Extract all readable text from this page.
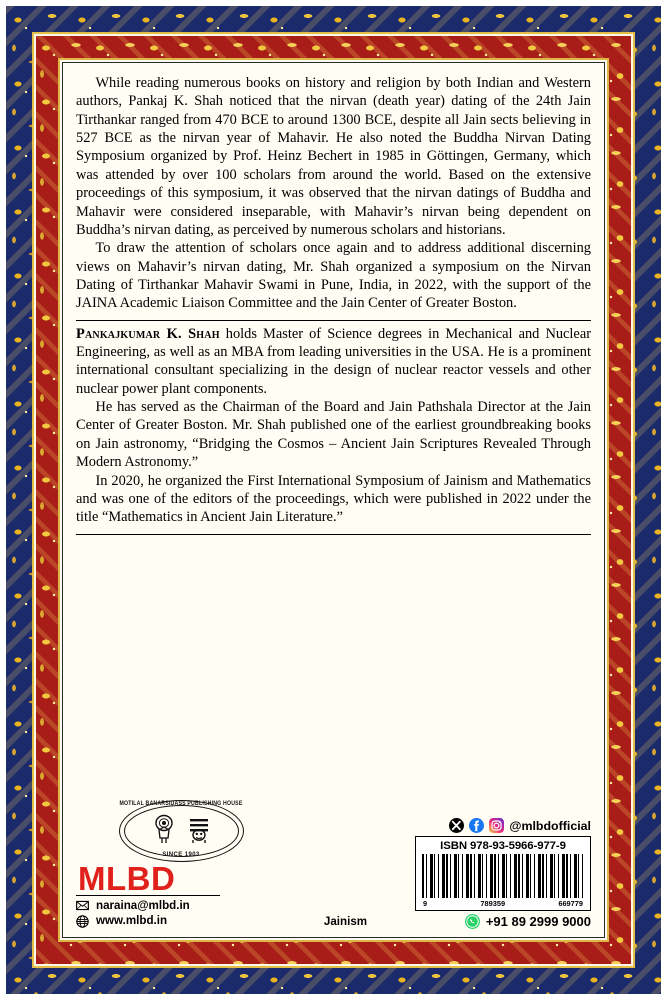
While reading numerous books on history and religion by both Indian and Western authors, Pankaj K. Shah noticed that the nirvan (death year) dating of the 24th Jain Tirthankar ranged from 470 BCE to around 1300 BCE, despite all Jain sects believing in 527 BCE as the nirvan year of Mahavir. He also noted the Buddha Nirvan Dating Symposium organized by Prof. Heinz Bechert in 1985 in Göttingen, Germany, which was attended by over 100 scholars from around the world. Based on the extensive proceedings of this symposium, it was observed that the nirvan datings of Buddha and Mahavir were considered inseparable, with Mahavir’s nirvan being dependent on Buddha’s nirvan dating, as perceived by numerous scholars and historians.

To draw the attention of scholars once again and to address additional discerning views on Mahavir’s nirvan dating, Mr. Shah organized a symposium on the Nirvan Dating of Tirthankar Mahavir Swami in Pune, India, in 2022, with the support of the JAINA Academic Liaison Committee and the Jain Center of Greater Boston.

Pankajkumar K. Shah holds Master of Science degrees in Mechanical and Nuclear Engineering, as well as an MBA from leading universities in the USA. He is a prominent international consultant specializing in the design of nuclear reactor vessels and other nuclear power plant components.

He has served as the Chairman of the Board and Jain Pathshala Director at the Jain Center of Greater Boston. Mr. Shah published one of the earliest groundbreaking books on Jain astronomy, “Bridging the Cosmos – Ancient Jain Scriptures Revealed Through Modern Astronomy.”

In 2020, he organized the First International Symposium of Jainism and Mathematics and was one of the editors of the proceedings, which were published in 2022 under the title “Mathematics in Ancient Jain Literature.”

MOTILAL BANARSIDASS PUBLISHING HOUSE
SINCE 1903
MLBD
naraina@mlbd.in
www.mlbd.in	Jainism
@mlbdofficial
ISBN 978-93-5966-977-9
9	789359	669779
+91 89 2999 9000
